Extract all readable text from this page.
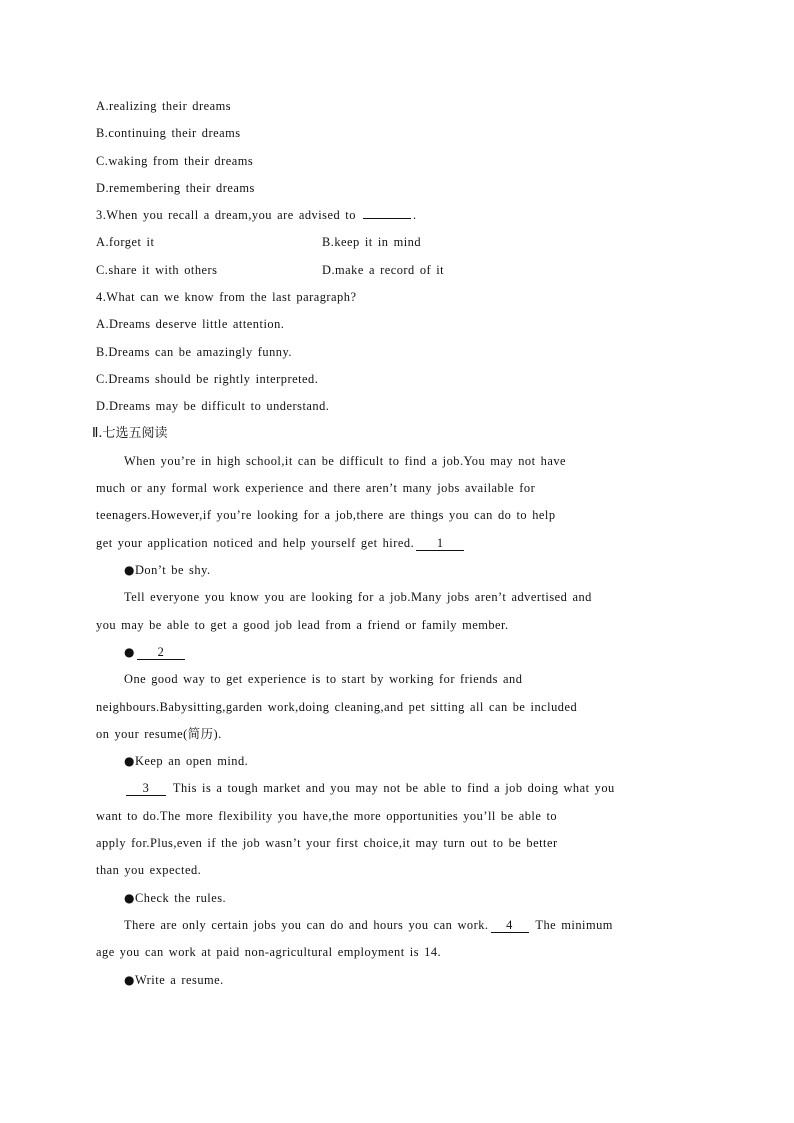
A.realizing their dreams
B.continuing their dreams
C.waking from their dreams
D.remembering their dreams
3.When you recall a dream,you are advised to	.
A.forget it	B.keep it in mind
C.share it with others	D.make a record of it
4.What can we know from the last paragraph?
A.Dreams deserve little attention.
B.Dreams can be amazingly funny.
C.Dreams should be rightly interpreted.
D.Dreams may be difficult to understand.
Ⅱ.七选五阅读
When you’re in high school,it can be difficult to find a job.You may not have
much or any formal work experience and there aren’t many jobs available for
teenagers.However,if you’re looking for a job,there are things you can do to help
get your application noticed and help yourself get hired. 1
●Don’t be shy.
Tell everyone you know you are looking for a job.Many jobs aren’t advertised and
you may be able to get a good job lead from a friend or family member.
● 2
One good way to get experience is to start by working for friends and
neighbours.Babysitting,garden work,doing cleaning,and pet sitting all can be included
on your resume(简历).
●Keep an open mind.
3 This is a tough market and you may not be able to find a job doing what you
want to do.The more flexibility you have,the more opportunities you’ll be able to
apply for.Plus,even if the job wasn’t your first choice,it may turn out to be better
than you expected.
●Check the rules.
There are only certain jobs you can do and hours you can work. 4 The minimum
age you can work at paid non-agricultural employment is 14.
●Write a resume.
